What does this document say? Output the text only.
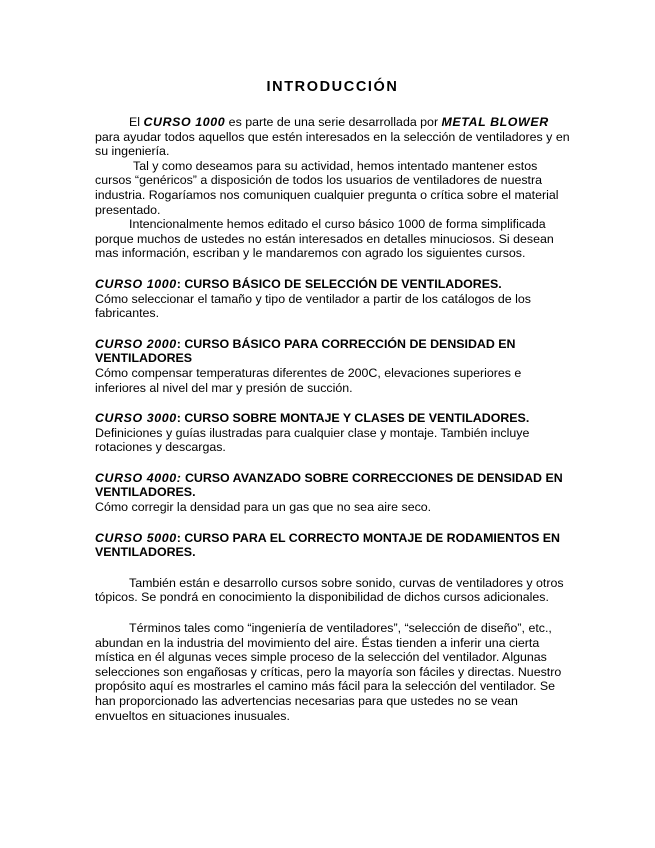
INTRODUCCIÓN

El CURSO 1000 es parte de una serie desarrollada por METAL BLOWER para ayudar todos aquellos que estén interesados en la selección de ventiladores y en su ingeniería.

Tal y como deseamos para su actividad, hemos intentado mantener estos cursos “genéricos” a disposición de todos los usuarios de ventiladores de nuestra industria. Rogaríamos nos comuniquen cualquier pregunta o crítica sobre el material presentado.

Intencionalmente hemos editado el curso básico 1000 de forma simplificada porque muchos de ustedes no están interesados en detalles minuciosos. Si desean mas información, escriban y le mandaremos con agrado los siguientes cursos.

CURSO 1000: CURSO BÁSICO DE SELECCIÓN DE VENTILADORES.

Cómo seleccionar el tamaño y tipo de ventilador a partir de los catálogos de los fabricantes.

CURSO 2000: CURSO BÁSICO PARA CORRECCIÓN DE DENSIDAD EN VENTILADORES

Cómo compensar temperaturas diferentes de 200C, elevaciones superiores e inferiores al nivel del mar y presión de succión.

CURSO 3000: CURSO SOBRE MONTAJE Y CLASES DE VENTILADORES.

Definiciones y guías ilustradas para cualquier clase y montaje. También incluye rotaciones y descargas.

CURSO 4000: CURSO AVANZADO SOBRE CORRECCIONES DE DENSIDAD EN VENTILADORES.

Cómo corregir la densidad para un gas que no sea aire seco.

CURSO 5000: CURSO PARA EL CORRECTO MONTAJE DE RODAMIENTOS EN VENTILADORES.

También están e desarrollo cursos sobre sonido, curvas de ventiladores y otros tópicos. Se pondrá en conocimiento la disponibilidad de dichos cursos adicionales.

Términos tales como “ingeniería de ventiladores”, “selección de diseño”, etc., abundan en la industria del movimiento del aire. Éstas tienden a inferir una cierta mística en él algunas veces simple proceso de la selección del ventilador. Algunas selecciones son engañosas y críticas, pero la mayoría son fáciles y directas. Nuestro propósito aquí es mostrarles el camino más fácil para la selección del ventilador. Se han proporcionado las advertencias necesarias para que ustedes no se vean envueltos en situaciones inusuales.
